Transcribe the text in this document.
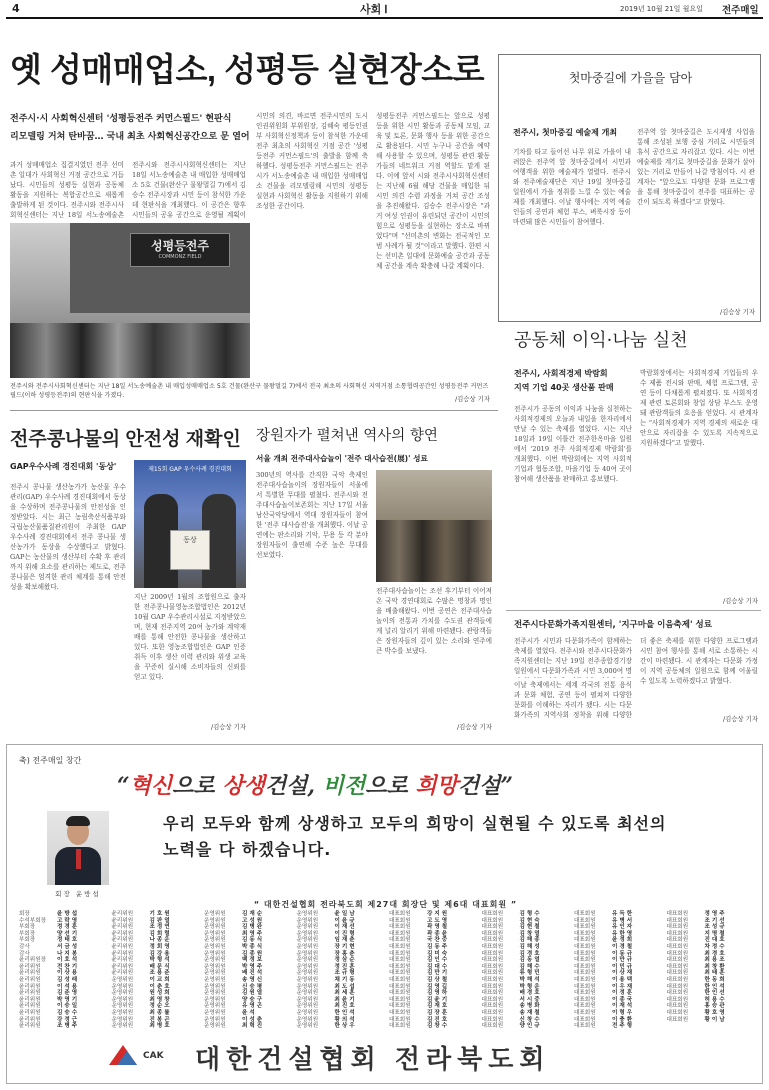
4	사회 Ⅰ	2019년 10월 21일 월요일 전주매일
옛 성매매업소, 성평등 실현장소로
전주시·시 사회혁신센터 '성평등전주 커먼스필드' 현판식
리모델링 거쳐 탄바꿈… 국내 최초 사회혁신공간으로 문 열어
과거 성매매업소 집결지였던 전주 선미촌 일대가 사회혁신 거점 공간으로 거듭났다. 시민들의 성평등 실현과 공동체 활동을 지원하는 복합공간으로 새롭게 출발하게 된 것이다. 전주시와 전주시사회혁신센터는 지난 18일 서노송예술촌
전주시와 전주시사회혁신센터는 지난 18일 서노송예술촌 내 매입한 성매매업소 5호 건물(완산구 물왕멀길 7)에서 김승수 전주시장과 시민 등이 참석한 가운데 현판식을 개최했다. 이 공간은 향후 시민들의 공유 공간으로 운영될 계획이
성평등전주
COMMONZ FIELD
전주시와 전주시사회혁신센터는 지난 18일 서노송예술촌 내 매입성매매업소 5호 건물(완산구 물왕멀길 7)에서 전국 최초의 사회혁신 지역거점 소통협력공간인 성평등전주 커먼즈필드(이하 성평등전주)의 현판식을 가졌다.
시민의 의견, 바르면 전주시민의 도시인권위원회 부위원장, 김혜숙 평등인권부 사회혁신정책과 등이 참석한 가운데 전주 최초의 사회혁신 거점 공간 '성평등전주 커먼스필드'의 출발을 함께 축하했다. 성평등전주 커먼스필드는 전주시가 서노송예술촌 내 매입한 성매매업소 건물을 리모델링해 시민의 성평등 실현과 사회혁신 활동을 지원하기 위해 조성한 공간이다.
성평등전주 커먼스필드는 앞으로 성평등을 위한 시민 활동과 공동체 모임, 교육 및 토론, 문화 행사 등을 위한 공간으로 활용된다. 시민 누구나 공간을 예약해 사용할 수 있으며, 성평등 관련 활동가들의 네트워크 거점 역할도 맡게 된다. 이에 앞서 시와 전주시사회혁신센터는 지난해 6월 해당 건물을 매입한 뒤 시민 의견 수렴 과정을 거쳐 공간 조성을 추진해왔다. 김승수 전주시장은 "과거 여성 인권이 유린되던 공간이 시민의 힘으로 성평등을 실현하는 장소로 바뀌었다"며 "선미촌의 변화는 전국적인 모범 사례가 될 것"이라고 말했다. 한편 시는 선미촌 일대에 문화예술 공간과 공동체 공간을 계속 확충해 나갈 계획이다.
/김승상 기자
첫마중길에 가을을 담아
전주시, 첫마중길 예술제 개최
기차를 타고 들어선 나무 위로 가을이 내려앉은 전주역 앞 첫마중길에서 시민과 여행객을 위한 예술제가 열렸다. 전주시와 전주예술재단은 지난 19일 첫마중길 일원에서 가을 정취를 느낄 수 있는 예술제를 개최했다. 이날 행사에는 지역 예술인들의 공연과 체험 부스, 벼룩시장 등이 마련돼 많은 시민들이 참여했다.
전주역 앞 첫마중길은 도시재생 사업을 통해 조성된 보행 중심 거리로 시민들의 휴식 공간으로 자리잡고 있다. 시는 이번 예술제를 계기로 첫마중길을 문화가 살아있는 거리로 만들어 나갈 방침이다. 시 관계자는 "앞으로도 다양한 문화 프로그램을 통해 첫마중길이 전주를 대표하는 공간이 되도록 하겠다"고 밝혔다.
/김승상 기자
공동체 이익·나눔 실천
전주시, 사회적경제 박람회
지역 기업 40곳 생산품 판매
전주시가 공동의 이익과 나눔을 실천하는 사회적경제의 오늘과 내일을 한자리에서 만날 수 있는 축제를 열었다. 시는 지난 18일과 19일 이틀간 전주한옥마을 일원에서 '2019 전주 사회적경제 박람회'를 개최했다. 이번 박람회에는 지역 사회적기업과 협동조합, 마을기업 등 40여 곳이 참여해 생산품을 판매하고 홍보했다.
박람회장에서는 사회적경제 기업들의 우수 제품 전시와 판매, 체험 프로그램, 공연 등이 다채롭게 펼쳐졌다. 또 사회적경제 관련 토론회와 창업 상담 부스도 운영돼 관람객들의 호응을 얻었다. 시 관계자는 "사회적경제가 지역 경제의 새로운 대안으로 자리잡을 수 있도록 지속적으로 지원하겠다"고 말했다.
/김승상 기자
전주시다문화가족지원센터, '지구마을 이음축제' 성료
전주시가 시민과 다문화가족이 함께하는 축제를 열었다. 전주시와 전주시다문화가족지원센터는 지난 19일 전주종합경기장 일원에서 다문화가족과 시민 3,000여 명
이날 축제에서는 세계 각국의 전통 음식과 문화 체험, 공연 등이 펼쳐져 다양한 문화를 이해하는 자리가 됐다. 시는 다문화가족의 지역사회 정착을 위해 다양한
더 좋은 축제를 위한 다양한 프로그램과 시민 참여 행사를 통해 서로 소통하는 시간이 마련됐다. 시 관계자는 다문화 가정이 지역 공동체의 일원으로 함께 어울릴 수 있도록 노력하겠다고 밝혔다.
/김승상 기자
전주콩나물의 안전성 재확인
GAP우수사례 경진대회 '동상'
전주시 콩나물 생산농가가 농산물 우수관리(GAP) 우수사례 경진대회에서 동상을 수상하며 전주콩나물의 안전성을 인정받았다. 시는 최근 농림축산식품부와 국립농산물품질관리원이 주최한 GAP 우수사례 경진대회에서 전주 콩나물 생산농가가 동상을 수상했다고 밝혔다. GAP는 농산물의 생산부터 수확 후 관리까지 위해 요소를 관리하는 제도로, 전주콩나물은 엄격한 관리 체계를 통해 안전성을 확보해왔다.
제15회 GAP 우수사례 경진대회
동상
지난 2009년 1월의 조합원으로 출자한 전주콩나물영농조합법인은 2012년 10월 GAP 우수관리시설로 지정받았으며, 현재 전주지역 20여 농가와 계약재배를 통해 안전한 콩나물을 생산하고 있다. 또한 영농조합법인은 GAP 인증 취득 이후 생산 이력 관리와 위생 교육을 꾸준히 실시해 소비자들의 신뢰를 얻고 있다.
/김승상 기자
장원자가 펼쳐낸 역사의 향연
서울 개최 전주대사습놀이 '전주 대사습전(展)' 성료
300년의 역사를 간직한 국악 축제인 전주대사습놀이의 장원자들이 서울에서 특별한 무대를 펼쳤다. 전주시와 전주대사습놀이보존회는 지난 17일 서울 남산국악당에서 역대 장원자들이 참여한 '전주 대사습전'을 개최했다. 이날 공연에는 판소리와 기악, 무용 등 각 분야 장원자들이 출연해 수준 높은 무대를 선보였다.
전주대사습놀이는 조선 후기부터 이어져 온 국악 경연대회로 수많은 명창과 명인을 배출해왔다. 이번 공연은 전주대사습놀이의 전통과 가치를 수도권 관객들에게 널리 알리기 위해 마련됐다. 관람객들은 장원자들의 깊이 있는 소리와 연주에 큰 박수를 보냈다.
/김승상 기자
축) 전주매일 창간
“혁신으로 상생건설, 비전으로 희망건설”
회장 윤방섭
우리 모두와 함께 상생하고 모두의 희망이 실현될 수 있도록 최선의 노력을 다 하겠습니다.
“ 대한건설협회 전라북도회 제27대 회장단 및 제6대 대표회원 ”
회장	윤방섭
수석부회장 고락영
부회장	정경훈
부회장	양선기
부회장	정태호
감사	서금성
감사	나지봉
윤리위원장 이호석
윤리위원	전찬기
윤리위원	이상용
윤리위원	김성래
윤리위원	이석용
윤리위원	김준영
윤리위원	박영기
윤리위원	이승일
윤리위원	김승수
윤리위원	강정근
윤리위원	조병주
윤리위원	기호원
윤리위원	김판열
윤리위원	조정연
윤리위원	김희렬
윤리위원	나종운
윤리위원	정회영
윤리위원	김강용
윤리위원	박형석
윤리위원	배문식
윤리위원	조용준
운영위원	이교희
운영위원	이춘호
운영위원	원성희
운영위원	최영창
운영위원	정순오
운영위원	최종률
운영위원	진봉곤
운영위원	최병호
운영위원	김재순
운영위원	고성원
운영위원	김병완
운영위원	최영주
운영위원	김동식
운영위원	박종식
운영위원	김종원
운영위원	백정보
운영위원	박영주
운영위원	배진석
운영위원	송영신
운영위원	신승평
운영위원	김원열
운영위원	양승구
운영위원	유영곤
운영위원	윤석
운영위원	이성춘
운영위원	최혁진
운영위원	윤일남
운영위원	이윤규
운영위원	이재선
운영위원	이진형
운영위원	임재춘
운영위원	장기현
운영위원	장홍춘
운영위원	정삼순
운영위원	정진훈
운영위원	조규형
운영위원	채기동
운영위원	최도섭
운영위원	최세훈
운영위원	최윤기
운영위원	최진호
운영위원	한인석
운영위원	황의석
운영위원	한상우
대표회원	강지원
대표회원	고도영
대표회원	곽영철
대표회원	곽종윤
대표회원	국찬중
대표회원	김동주
대표회원	김미숙
대표회원	김인수
대표회원	김대수
대표회원	김만기
대표회원	김상철
대표회원	김영길
대표회원	김영하
대표회원	김윤기
대표회원	김재호
대표회원	김장훈
대표회원	김진호
대표회원	김창수
대표회원	김형수
대표회원	김현숙
대표회원	김현철
대표회원	김창열
대표회원	김해종
대표회원	김해성
대표회원	김경호
대표회원	김동열
대표회원	김해수
대표회원	류형민
대표회원	박해석
대표회원	박형운
대표회원	배경호
대표회원	서시중
대표회원	송병화
대표회원	송재철
대표회원	신창수
대표회원	양인규
대표회원	유득한
대표회원	유병서
대표회원	유인자
대표회원	유한영
대표회원	윤정희
대표회원	이경철
대표회원	이동규
대표회원	이만규
대표회원	이민규
대표회원	이상재
대표회원	이용택
대표회원	이우재
대표회원	이정훈
대표회원	이종국
대표회원	이재석
대표회원	이형우
대표회원	이충환
대표회원	전주형
대표회원	정영주
대표회원	조기선
대표회원	조성규
대표회원	지명철
대표회원	진대호
대표회원	차정수
대표회원	최경호
대표회원	최용조
대표회원	최창환
대표회원	최태훈
대표회원	한동희
대표회원	한인석
대표회원	한인선
대표회원	허용수
대표회원	홍승관
대표회원	황호영
대표회원	황이남
CAK 대한건설협회 전라북도회
